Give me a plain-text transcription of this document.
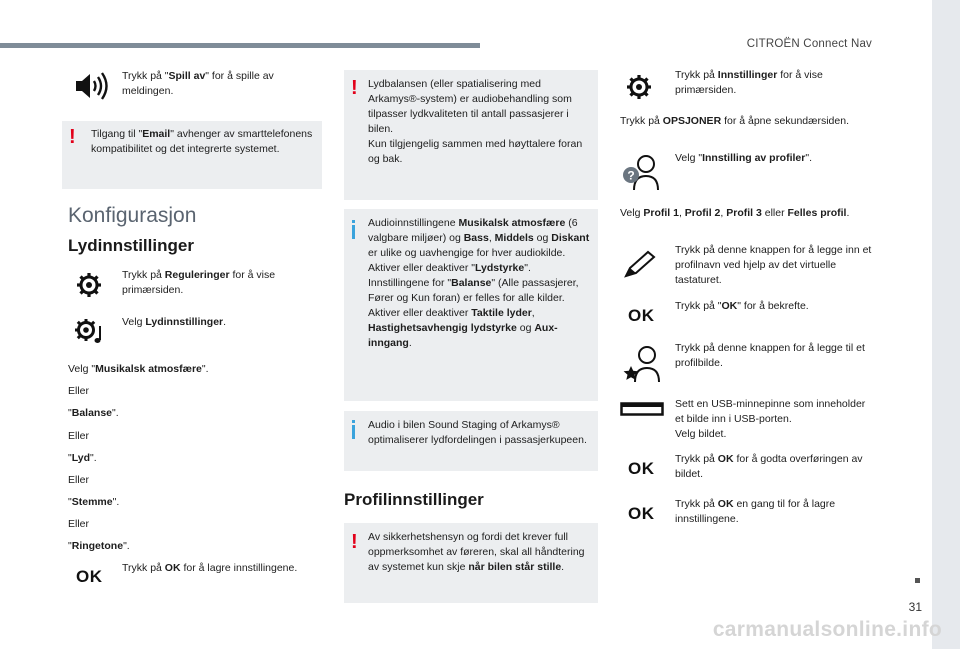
CITROËN Connect Nav
31
Trykk på "Spill av" for å spille av meldingen.
! Tilgang til "Email" avhenger av smarttelefonens kompatibilitet og det integrerte systemet.
Konfigurasjon
Lydinnstillinger
Trykk på Reguleringer for å vise primærsiden.
Velg Lydinnstillinger.
Velg "Musikalsk atmosfære".
Eller
"Balanse".
Eller
"Lyd".
Eller
"Stemme".
Eller
"Ringetone".
OK Trykk på OK for å lagre innstillingene.
! Lydbalansen (eller spatialisering med Arkamys®-system) er audiobehandling som tilpasser lydkvaliteten til antall passasjerer i bilen.
Kun tilgjengelig sammen med høyttalere foran og bak.
Audioinnstillingene Musikalsk atmosfære (6 valgbare miljøer) og Bass, Middels og Diskant er ulike og uavhengige for hver audiokilde.
Aktiver eller deaktiver "Lydstyrke".
Innstillingene for "Balanse" (Alle passasjerer, Fører og Kun foran) er felles for alle kilder.
Aktiver eller deaktiver Taktile lyder, Hastighetsavhengig lydstyrke og Aux-inngang.
Audio i bilen Sound Staging of Arkamys® optimaliserer lydfordelingen i passasjerkupeen.
Profilinnstillinger
! Av sikkerhetshensyn og fordi det krever full oppmerksomhet av føreren, skal all håndtering av systemet kun skje når bilen står stille.
Trykk på Innstillinger for å vise primærsiden.
Trykk på OPSJONER for å åpne sekundærsiden.
?
Velg "Innstilling av profiler".
Velg Profil 1, Profil 2, Profil 3 eller Felles profil.
Trykk på denne knappen for å legge inn et profilnavn ved hjelp av det virtuelle tastaturet.
OK Trykk på "OK" for å bekrefte.
Trykk på denne knappen for å legge til et profilbilde.
Sett en USB-minnepinne som inneholder et bilde inn i USB-porten.
Velg bildet.
OK Trykk på OK for å godta overføringen av bildet.
OK Trykk på OK en gang til for å lagre innstillingene.
carmanualsonline.info
